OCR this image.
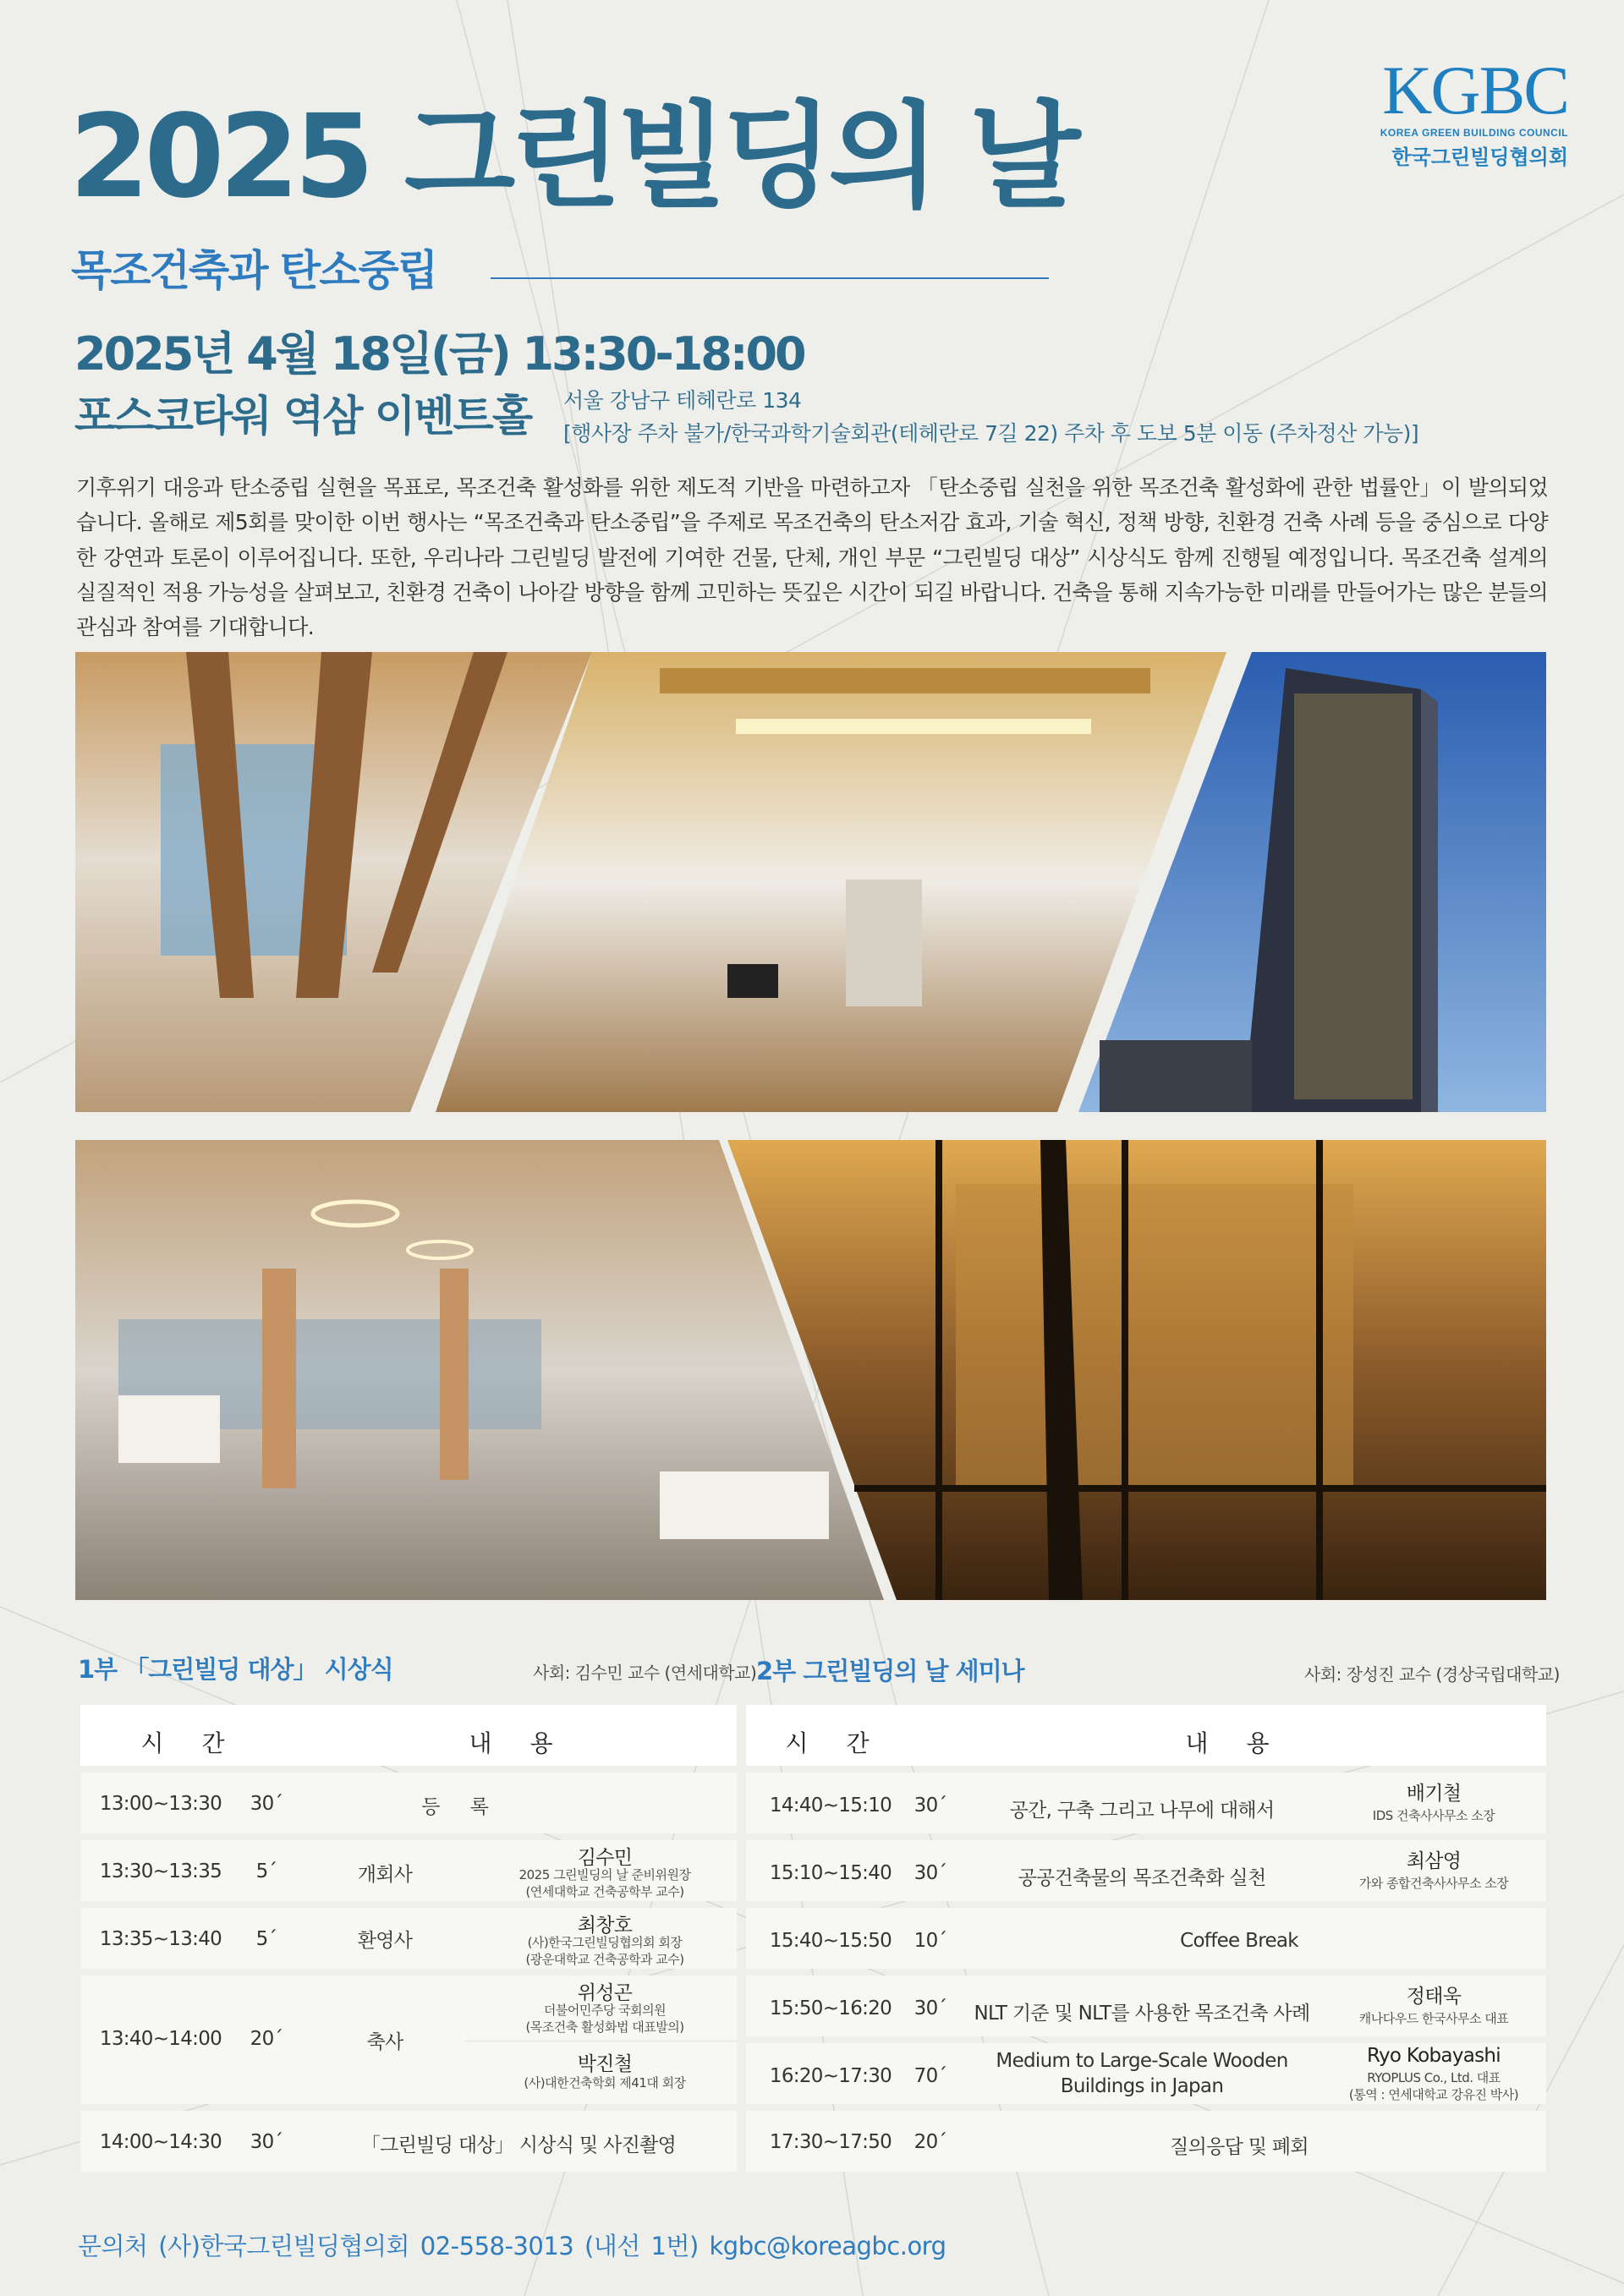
KGBC
KOREA GREEN BUILDING COUNCIL
한국그린빌딩협의회
2025 그린빌딩의 날
목조건축과 탄소중립
2025년 4월 18일(금) 13:30-18:00
포스코타워 역삼 이벤트홀 서울 강남구 테헤란로 134
[행사장 주차 불가/한국과학기술회관(테헤란로 7길 22) 주차 후 도보 5분 이동 (주차정산 가능)]
기후위기 대응과 탄소중립 실현을 목표로, 목조건축 활성화를 위한 제도적 기반을 마련하고자 「탄소중립 실천을 위한 목조건축 활성화에 관한 법률안」이 발의되었습니다. 올해로 제5회를 맞이한 이번 행사는 “목조건축과 탄소중립”을 주제로 목조건축의 탄소저감 효과, 기술 혁신, 정책 방향, 친환경 건축 사례 등을 중심으로 다양한 강연과 토론이 이루어집니다. 또한, 우리나라 그린빌딩 발전에 기여한 건물, 단체, 개인 부문 “그린빌딩 대상” 시상식도 함께 진행될 예정입니다. 목조건축 설계의 실질적인 적용 가능성을 살펴보고, 친환경 건축이 나아갈 방향을 함께 고민하는 뜻깊은 시간이 되길 바랍니다. 건축을 통해 지속가능한 미래를 만들어가는 많은 분들의 관심과 참여를 기대합니다.
1부 「그린빌딩 대상」 시상식	사회: 김수민 교수 (연세대학교)
시 간	내 용
13:00~13:30	30´	등 록
13:30~13:35	5´	개회사
김수민
2025 그린빌딩의 날 준비위원장
(연세대학교 건축공학부 교수)
13:35~13:40	5´	환영사
최창호
(사)한국그린빌딩협의회 회장
(광운대학교 건축공학과 교수)
13:40~14:00	20´	축사
위성곤
더불어민주당 국회의원
(목조건축 활성화법 대표발의)
박진철
(사)대한건축학회 제41대 회장
14:00~14:30	30´	「그린빌딩 대상」 시상식 및 사진촬영
2부 그린빌딩의 날 세미나	사회: 장성진 교수 (경상국립대학교)
시 간	내 용
14:40~15:10	30´	공간, 구축 그리고 나무에 대해서
배기철
IDS 건축사사무소 소장
15:10~15:40	30´	공공건축물의 목조건축화 실천
최삼영
가와 종합건축사사무소 소장
15:40~15:50	10´	Coffee Break
15:50~16:20	30´	NLT 기준 및 NLT를 사용한 목조건축 사례
정태욱
캐나다우드 한국사무소 대표
16:20~17:30	70´
Medium to Large-Scale Wooden
Buildings in Japan
Ryo Kobayashi
RYOPLUS Co., Ltd. 대표
(통역 : 연세대학교 강유진 박사)
17:30~17:50	20´	질의응답 및 폐회
문의처 (사)한국그린빌딩협의회 02-558-3013 (내선 1번) kgbc@koreagbc.org
